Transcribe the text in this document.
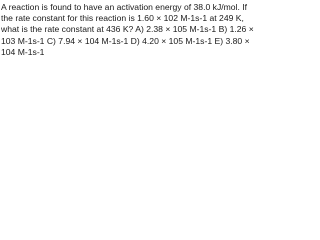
A reaction is found to have an activation energy of 38.0 kJ/mol. If the rate constant for this reaction is 1.60 × 102 M-1s-1 at 249 K, what is the rate constant at 436 K? A) 2.38 × 105 M-1s-1 B) 1.26 × 103 M-1s-1 C) 7.94 × 104 M-1s-1 D) 4.20 × 105 M-1s-1 E) 3.80 × 104 M-1s-1
